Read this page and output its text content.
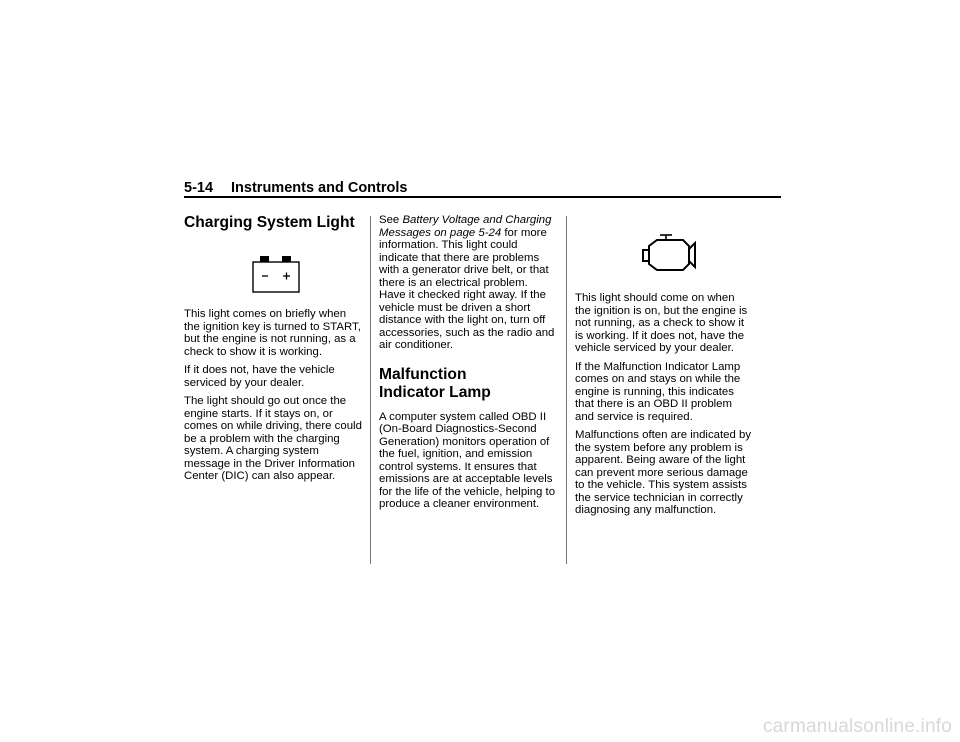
5-14 Instruments and Controls
Charging System Light

This light comes on briefly when the ignition key is turned to START, but the engine is not running, as a check to show it is working.

If it does not, have the vehicle serviced by your dealer.

The light should go out once the engine starts. If it stays on, or comes on while driving, there could be a problem with the charging system. A charging system message in the Driver Information Center (DIC) can also appear.

See Battery Voltage and Charging Messages on page 5-24 for more information. This light could indicate that there are problems with a generator drive belt, or that there is an electrical problem. Have it checked right away. If the vehicle must be driven a short distance with the light on, turn off accessories, such as the radio and air conditioner.

Malfunction
Indicator Lamp

A computer system called OBD II (On-Board Diagnostics-Second Generation) monitors operation of the fuel, ignition, and emission control systems. It ensures that emissions are at acceptable levels for the life of the vehicle, helping to produce a cleaner environment.

This light should come on when the ignition is on, but the engine is not running, as a check to show it is working. If it does not, have the vehicle serviced by your dealer.

If the Malfunction Indicator Lamp comes on and stays on while the engine is running, this indicates that there is an OBD II problem and service is required.

Malfunctions often are indicated by the system before any problem is apparent. Being aware of the light can prevent more serious damage to the vehicle. This system assists the service technician in correctly diagnosing any malfunction.

carmanualsonline.info
